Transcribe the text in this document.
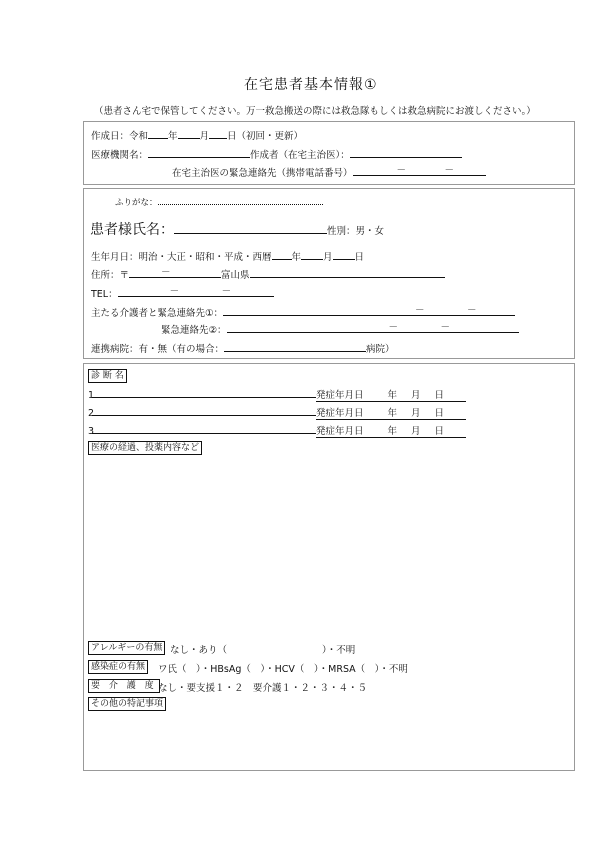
在宅患者基本情報①
（患者さん宅で保管してください。万一救急搬送の際には救急隊もしくは救急病院にお渡しください。）
作成日：令和 年 月 日（初回・更新）
医療機関名：	作成者（在宅主治医）：
在宅主治医の緊急連絡先（携帯電話番号）	－	－
ふりがな：
患者様氏名：	性別：男・女
生年月日：明治・大正・昭和・平成・西暦 年 月 日
住所：〒	－	富山県
TEL：	－	－
主たる介護者と緊急連絡先①：	－	－
緊急連絡先②：	－	－
連携病院：有・無（有の場合：	病院）
診 断 名
1	発症年月日	年 月 日
2	発症年月日	年 月 日
3	発症年月日	年 月 日
医療の経過、投薬内容など
アレルギーの有無 なし・あり（　　　　　　　　　　）・不明
感染症の有無	ワ氏（　）・HBsAg（　）・HCV（　）・MRSA（　）・不明
要 介 護 度 なし・要支援１・２　要介護１・２・３・４・５
その他の特記事項
